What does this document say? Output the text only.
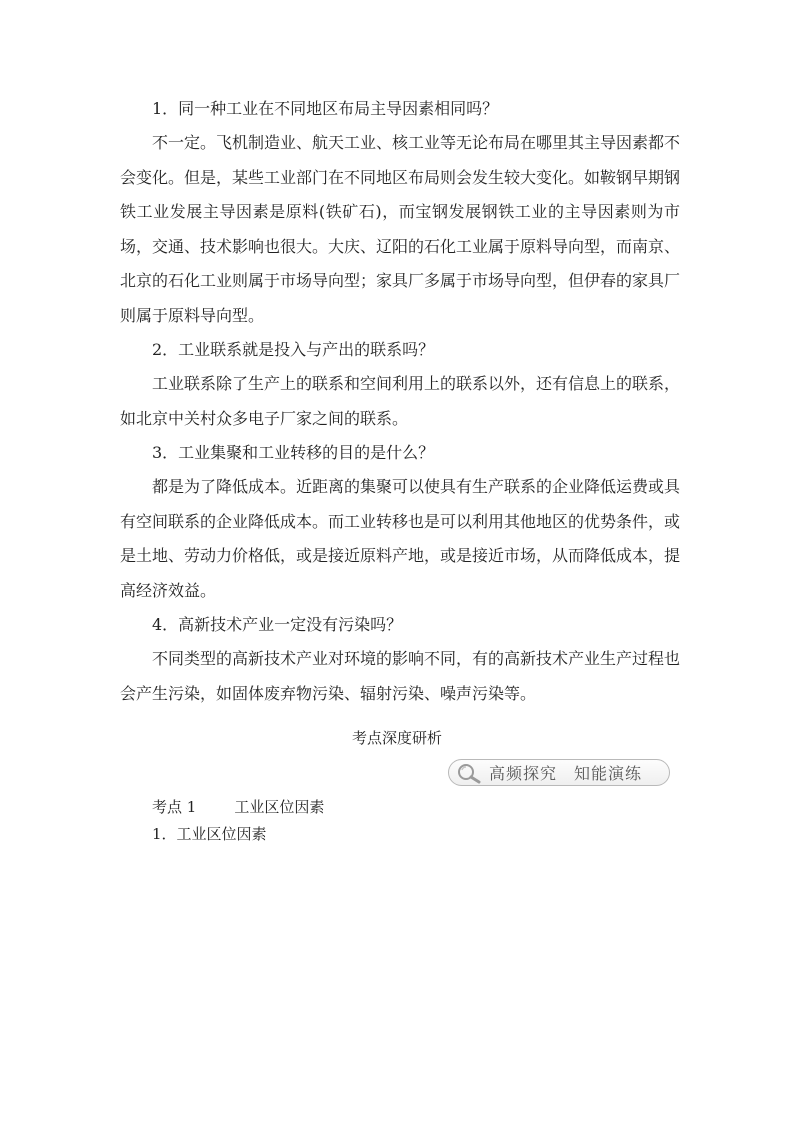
1．同一种工业在不同地区布局主导因素相同吗？

不一定。飞机制造业、航天工业、核工业等无论布局在哪里其主导因素都不会变化。但是，某些工业部门在不同地区布局则会发生较大变化。如鞍钢早期钢铁工业发展主导因素是原料(铁矿石)，而宝钢发展钢铁工业的主导因素则为市场，交通、技术影响也很大。大庆、辽阳的石化工业属于原料导向型，而南京、北京的石化工业则属于市场导向型；家具厂多属于市场导向型，但伊春的家具厂则属于原料导向型。

2．工业联系就是投入与产出的联系吗？

工业联系除了生产上的联系和空间利用上的联系以外，还有信息上的联系，如北京中关村众多电子厂家之间的联系。

3．工业集聚和工业转移的目的是什么？

都是为了降低成本。近距离的集聚可以使具有生产联系的企业降低运费或具有空间联系的企业降低成本。而工业转移也是可以利用其他地区的优势条件，或是土地、劳动力价格低，或是接近原料产地，或是接近市场，从而降低成本，提高经济效益。

4．高新技术产业一定没有污染吗？

不同类型的高新技术产业对环境的影响不同，有的高新技术产业生产过程也会产生污染，如固体废弃物污染、辐射污染、噪声污染等。

考点深度研析
高频探究　知能演练
考点 1	工业区位因素
1．工业区位因素
